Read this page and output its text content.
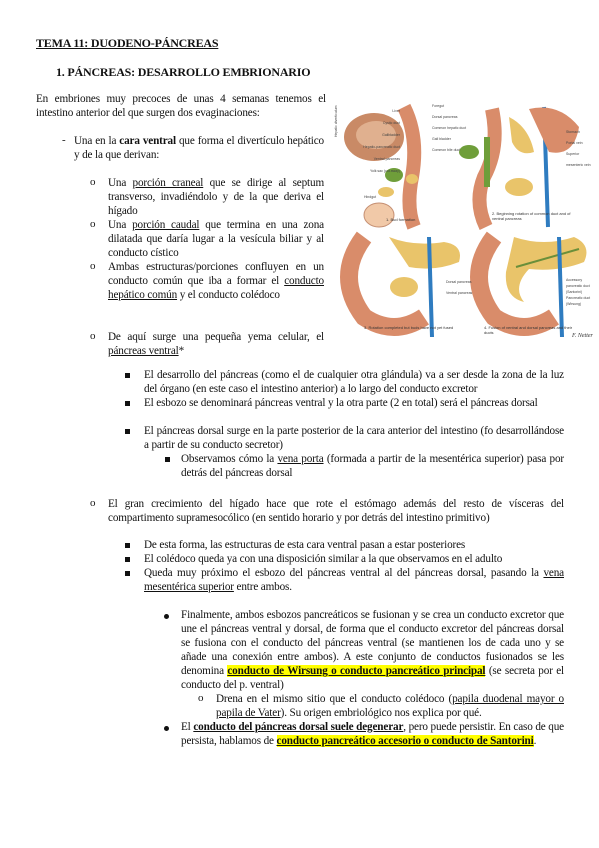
TEMA 11: DUODENO-PÁNCREAS
1. PÁNCREAS: DESARROLLO EMBRIONARIO
En embriones muy precoces de unas 4 semanas tenemos el intestino anterior del que surgen dos evaginaciones:
- Una en la cara ventral que forma el divertículo hepático y de la que derivan:
o Una porción craneal que se dirige al septum transverso, invadiéndolo y de la que deriva el hígado
o Una porción caudal que termina en una zona dilatada que daría lugar a la vesícula biliar y al conducto cístico
o Ambas estructuras/porciones confluyen en un conducto común que iba a formar el conducto hepático común y el conducto colédoco
o De aquí surge una pequeña yema celular, el páncreas ventral*
1. Bud formation
2. Beginning rotation of common duct and of ventral pancreas
3. Rotation completed but buds have not yet fused	4. Fusion of ventral and dorsal pancreas and their ducts
Liver
Cystic duct
Gallbladder
Hepatic-pancreatic duct
Ventral pancreas
Yolk sac (cut away)
Hepatic diverticulum
Hindgut
Foregut
Dorsal pancreas
Common hepatic duct
Gall bladder
Common bile duct
Stomach
Portal vein
Superior mesenteric vein
Dorsal pancreas
Ventral pancreas
Accessory pancreatic duct (Santorini)
Pancreatic duct (Wirsung)
F. Netter
El desarrollo del páncreas (como el de cualquier otra glándula) va a ser desde la zona de la luz del órgano (en este caso el intestino anterior) a lo largo del conducto excretor
El esbozo se denominará páncreas ventral y la otra parte (2 en total) será el páncreas dorsal
El páncreas dorsal surge en la parte posterior de la cara anterior del intestino (fo desarrollándose a partir de su conducto secretor)
Observamos cómo la vena porta (formada a partir de la mesentérica superior) pasa por detrás del páncreas dorsal
o El gran crecimiento del hígado hace que rote el estómago además del resto de vísceras del compartimento supramesocólico (en sentido horario y por detrás del intestino primitivo)
De esta forma, las estructuras de esta cara ventral pasan a estar posteriores
El colédoco queda ya con una disposición similar a la que observamos en el adulto
Queda muy próximo el esbozo del páncreas ventral al del páncreas dorsal, pasando la vena mesentérica superior entre ambos.
Finalmente, ambos esbozos pancreáticos se fusionan y se crea un conducto excretor que une el páncreas ventral y dorsal, de forma que el conducto excretor del páncreas dorsal se fusiona con el conducto del páncreas ventral (se mantienen los de cada uno y se añade una conexión entre ambos). A este conjunto de conductos fusionados se les denomina conducto de Wirsung o conducto pancreático principal (se secreta por el conducto del p. ventral)
o Drena en el mismo sitio que el conducto colédoco (papila duodenal mayor o papila de Vater). Su origen embriológico nos explica por qué.
El conducto del páncreas dorsal suele degenerar, pero puede persistir. En caso de que persista, hablamos de conducto pancreático accesorio o conducto de Santorini.
